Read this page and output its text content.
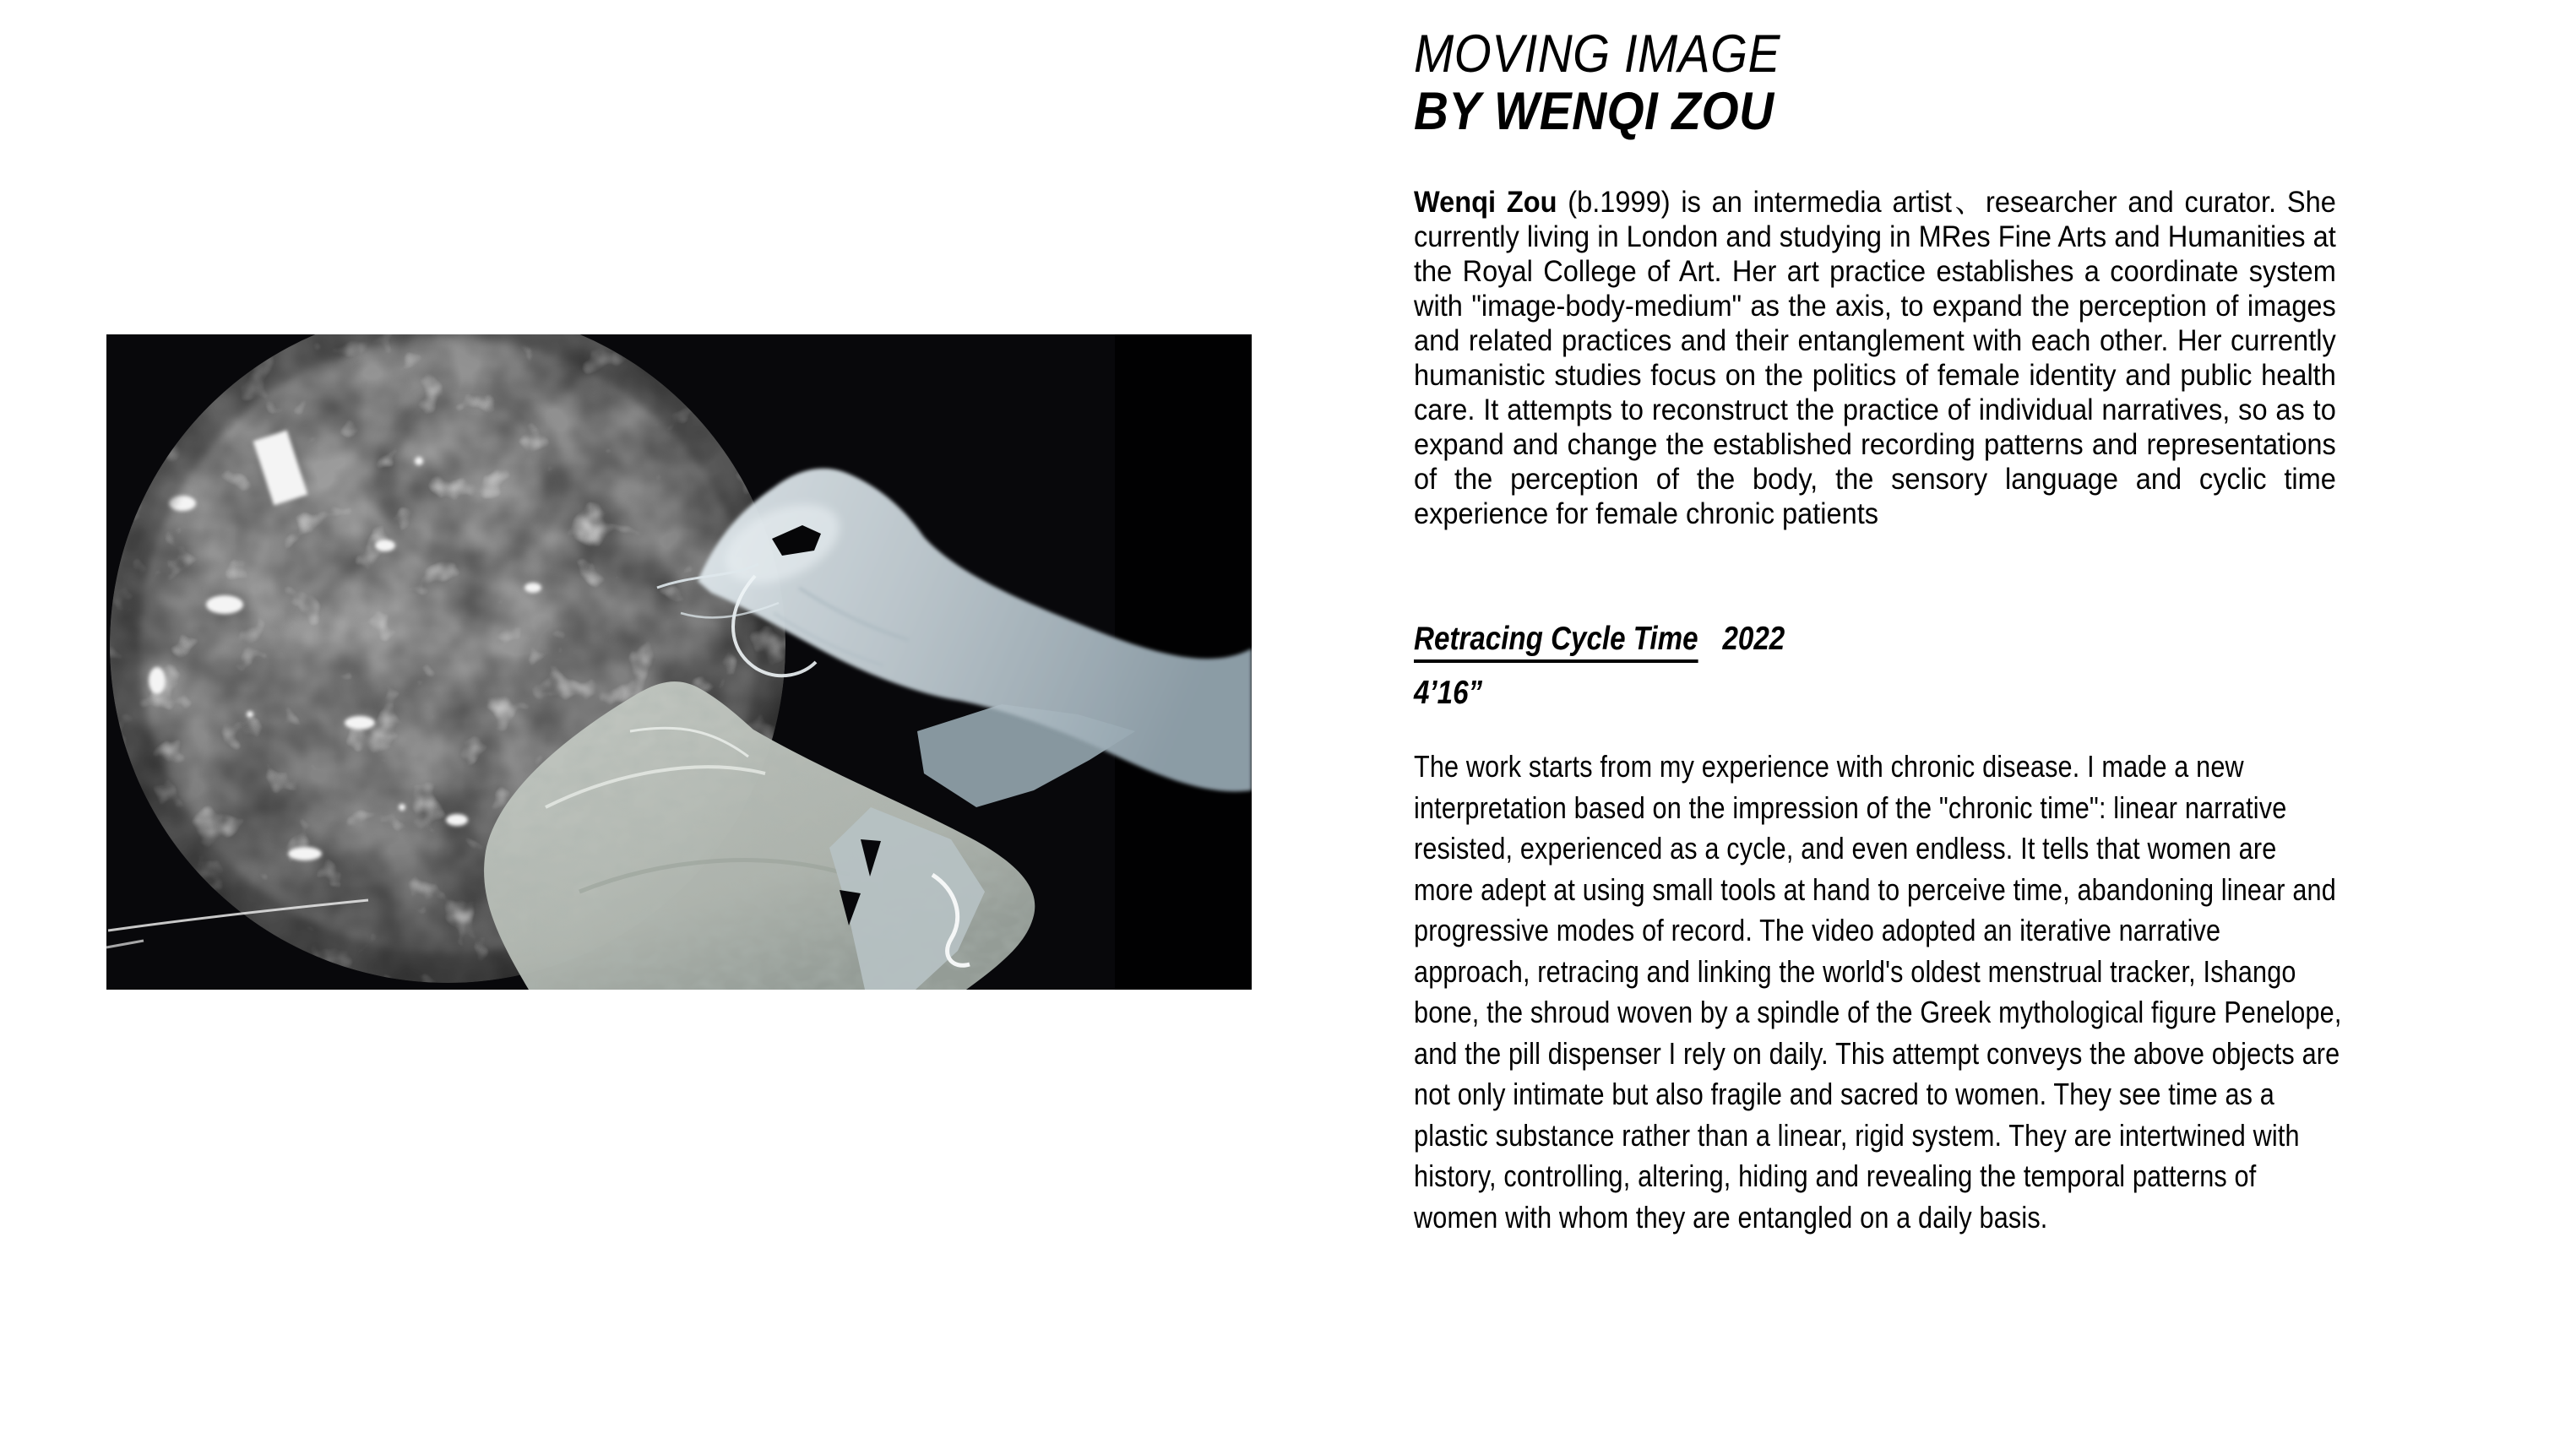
MOVING IMAGE
BY WENQI ZOU

Wenqi Zou (b.1999) is an intermedia artist、researcher and curator. She currently living in London and studying in MRes Fine Arts and Humanities at the Royal College of Art. Her art practice establishes a coordinate system with "image-body-medium" as the axis, to expand the perception of images and related practices and their entanglement with each other. Her currently humanistic studies focus on the politics of female identity and public health care. It attempts to reconstruct the practice of individual narratives, so as to expand and change the established recording patterns and representations of the perception of the body, the sensory language and cyclic time experience for female chronic patients

Retracing Cycle Time 2022
4’16”

The work starts from my experience with chronic disease. I made a new interpretation based on the impression of the "chronic time": linear narrative resisted, experienced as a cycle, and even endless. It tells that women are more adept at using small tools at hand to perceive time, abandoning linear and progressive modes of record. The video adopted an iterative narrative approach, retracing and linking the world's oldest menstrual tracker, Ishango bone, the shroud woven by a spindle of the Greek mythological figure Penelope, and the pill dispenser I rely on daily. This attempt conveys the above objects are not only intimate but also fragile and sacred to women. They see time as a plastic substance rather than a linear, rigid system. They are intertwined with history, controlling, altering, hiding and revealing the temporal patterns of women with whom they are entangled on a daily basis.
